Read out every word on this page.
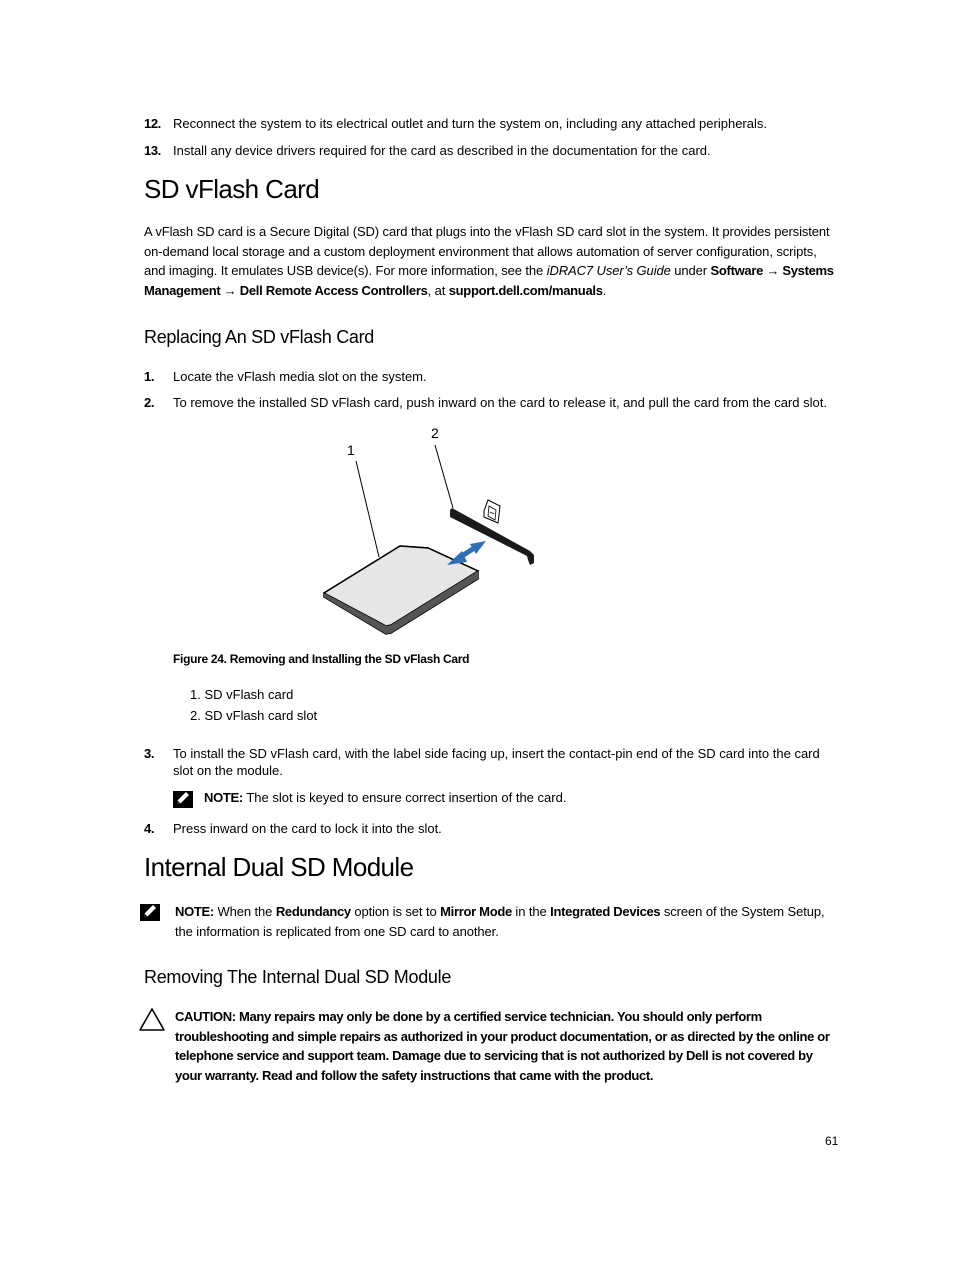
12. Reconnect the system to its electrical outlet and turn the system on, including any attached peripherals.
13. Install any device drivers required for the card as described in the documentation for the card.
SD vFlash Card
A vFlash SD card is a Secure Digital (SD) card that plugs into the vFlash SD card slot in the system. It provides persistent on-demand local storage and a custom deployment environment that allows automation of server configuration, scripts, and imaging. It emulates USB device(s). For more information, see the iDRAC7 User’s Guide under Software → Systems Management → Dell Remote Access Controllers, at support.dell.com/manuals.
Replacing An SD vFlash Card
1. Locate the vFlash media slot on the system.
2. To remove the installed SD vFlash card, push inward on the card to release it, and pull the card from the card slot.
1
2
Figure 24. Removing and Installing the SD vFlash Card
1. SD vFlash card
2. SD vFlash card slot
3. To install the SD vFlash card, with the label side facing up, insert the contact-pin end of the SD card into the card slot on the module.
NOTE: The slot is keyed to ensure correct insertion of the card.
4. Press inward on the card to lock it into the slot.
Internal Dual SD Module
NOTE: When the Redundancy option is set to Mirror Mode in the Integrated Devices screen of the System Setup, the information is replicated from one SD card to another.
Removing The Internal Dual SD Module
CAUTION: Many repairs may only be done by a certified service technician. You should only perform troubleshooting and simple repairs as authorized in your product documentation, or as directed by the online or telephone service and support team. Damage due to servicing that is not authorized by Dell is not covered by your warranty. Read and follow the safety instructions that came with the product.
61
